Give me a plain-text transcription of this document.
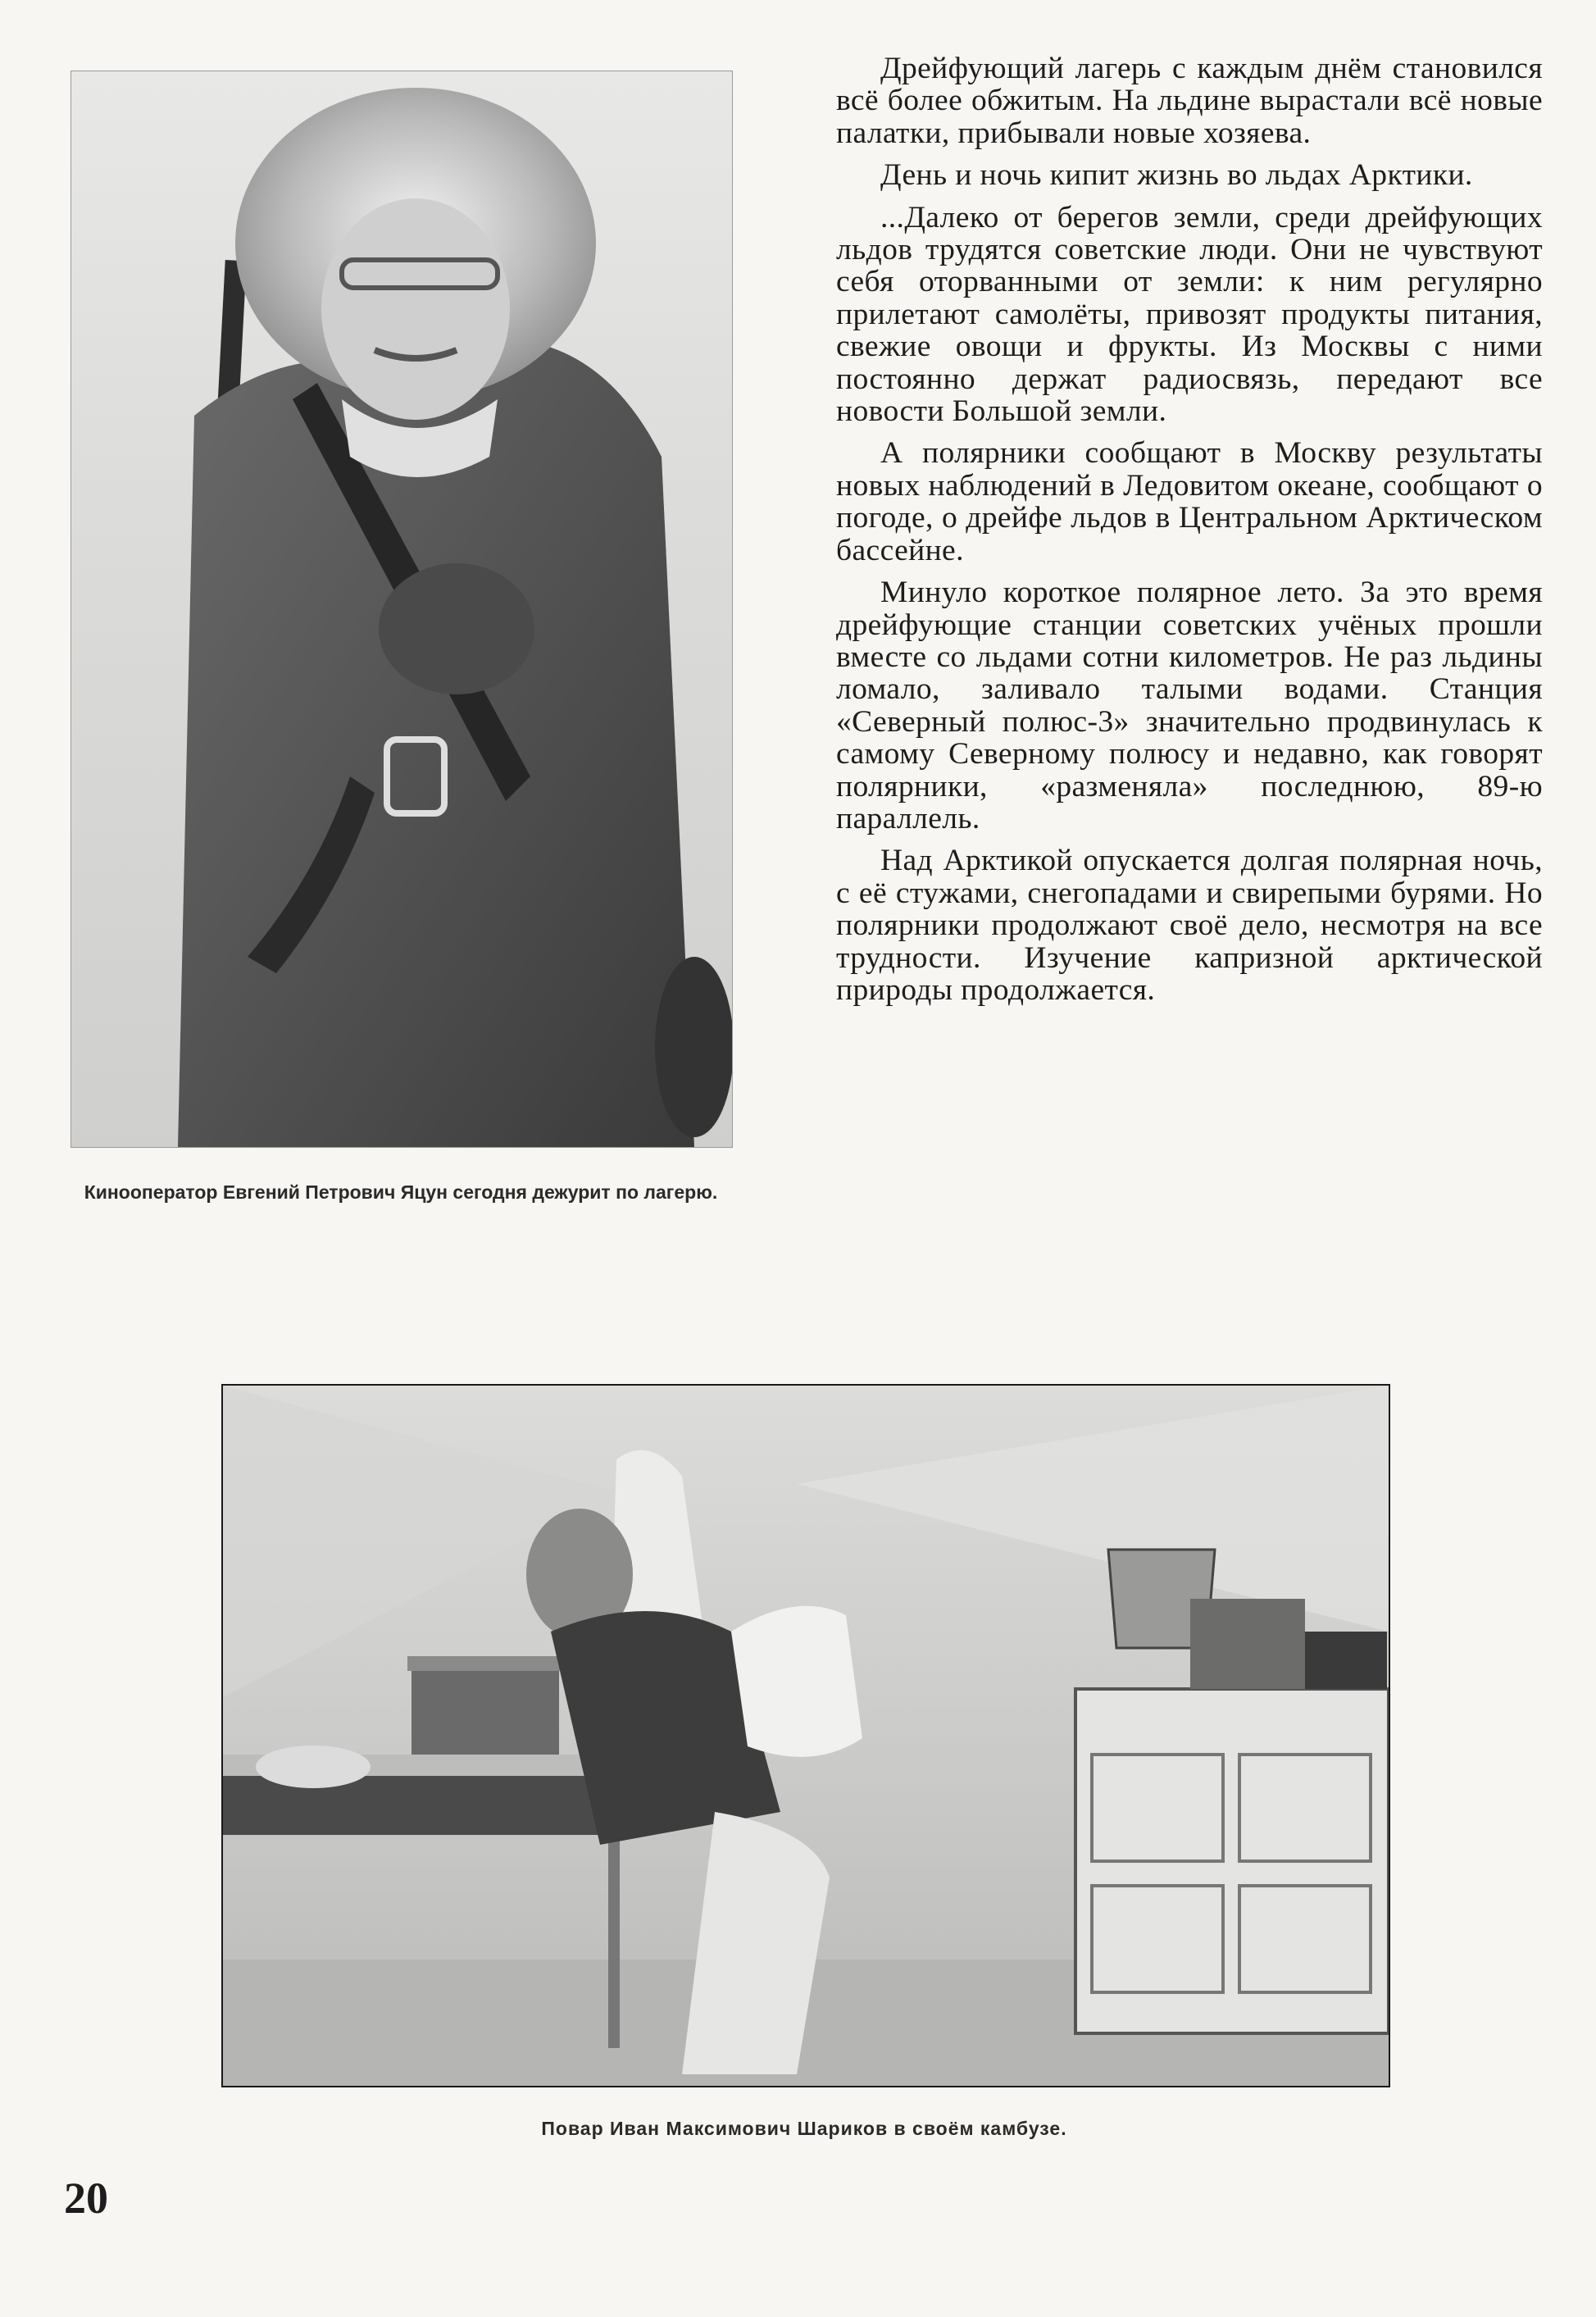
Кинооператор Евгений Петрович Яцун сегодня дежурит по лагерю.

Дрейфующий лагерь с каждым днём становился всё более обжитым. На льдине вырастали всё новые палатки, прибывали новые хозяева.

День и ночь кипит жизнь во льдах Арктики.

...Далеко от берегов земли, среди дрейфующих льдов трудятся советские люди. Они не чувствуют себя оторванными от земли: к ним регулярно прилетают самолёты, привозят продукты питания, свежие овощи и фрукты. Из Москвы с ними постоянно держат радиосвязь, передают все новости Большой земли.

А полярники сообщают в Москву результаты новых наблюдений в Ледовитом океане, сообщают о погоде, о дрейфе льдов в Центральном Арктическом бассейне.

Минуло короткое полярное лето. За это время дрейфующие станции советских учёных прошли вместе со льдами сотни километров. Не раз льдины ломало, заливало талыми водами. Станция «Северный полюс-3» значительно продвинулась к самому Северному полюсу и недавно, как говорят полярники, «разменяла» последнюю, 89-ю параллель.

Над Арктикой опускается долгая полярная ночь, с её стужами, снегопадами и свирепыми бурями. Но полярники продолжают своё дело, несмотря на все трудности. Изучение капризной арктической природы продолжается.

Повар Иван Максимович Шариков в своём камбузе.
20
